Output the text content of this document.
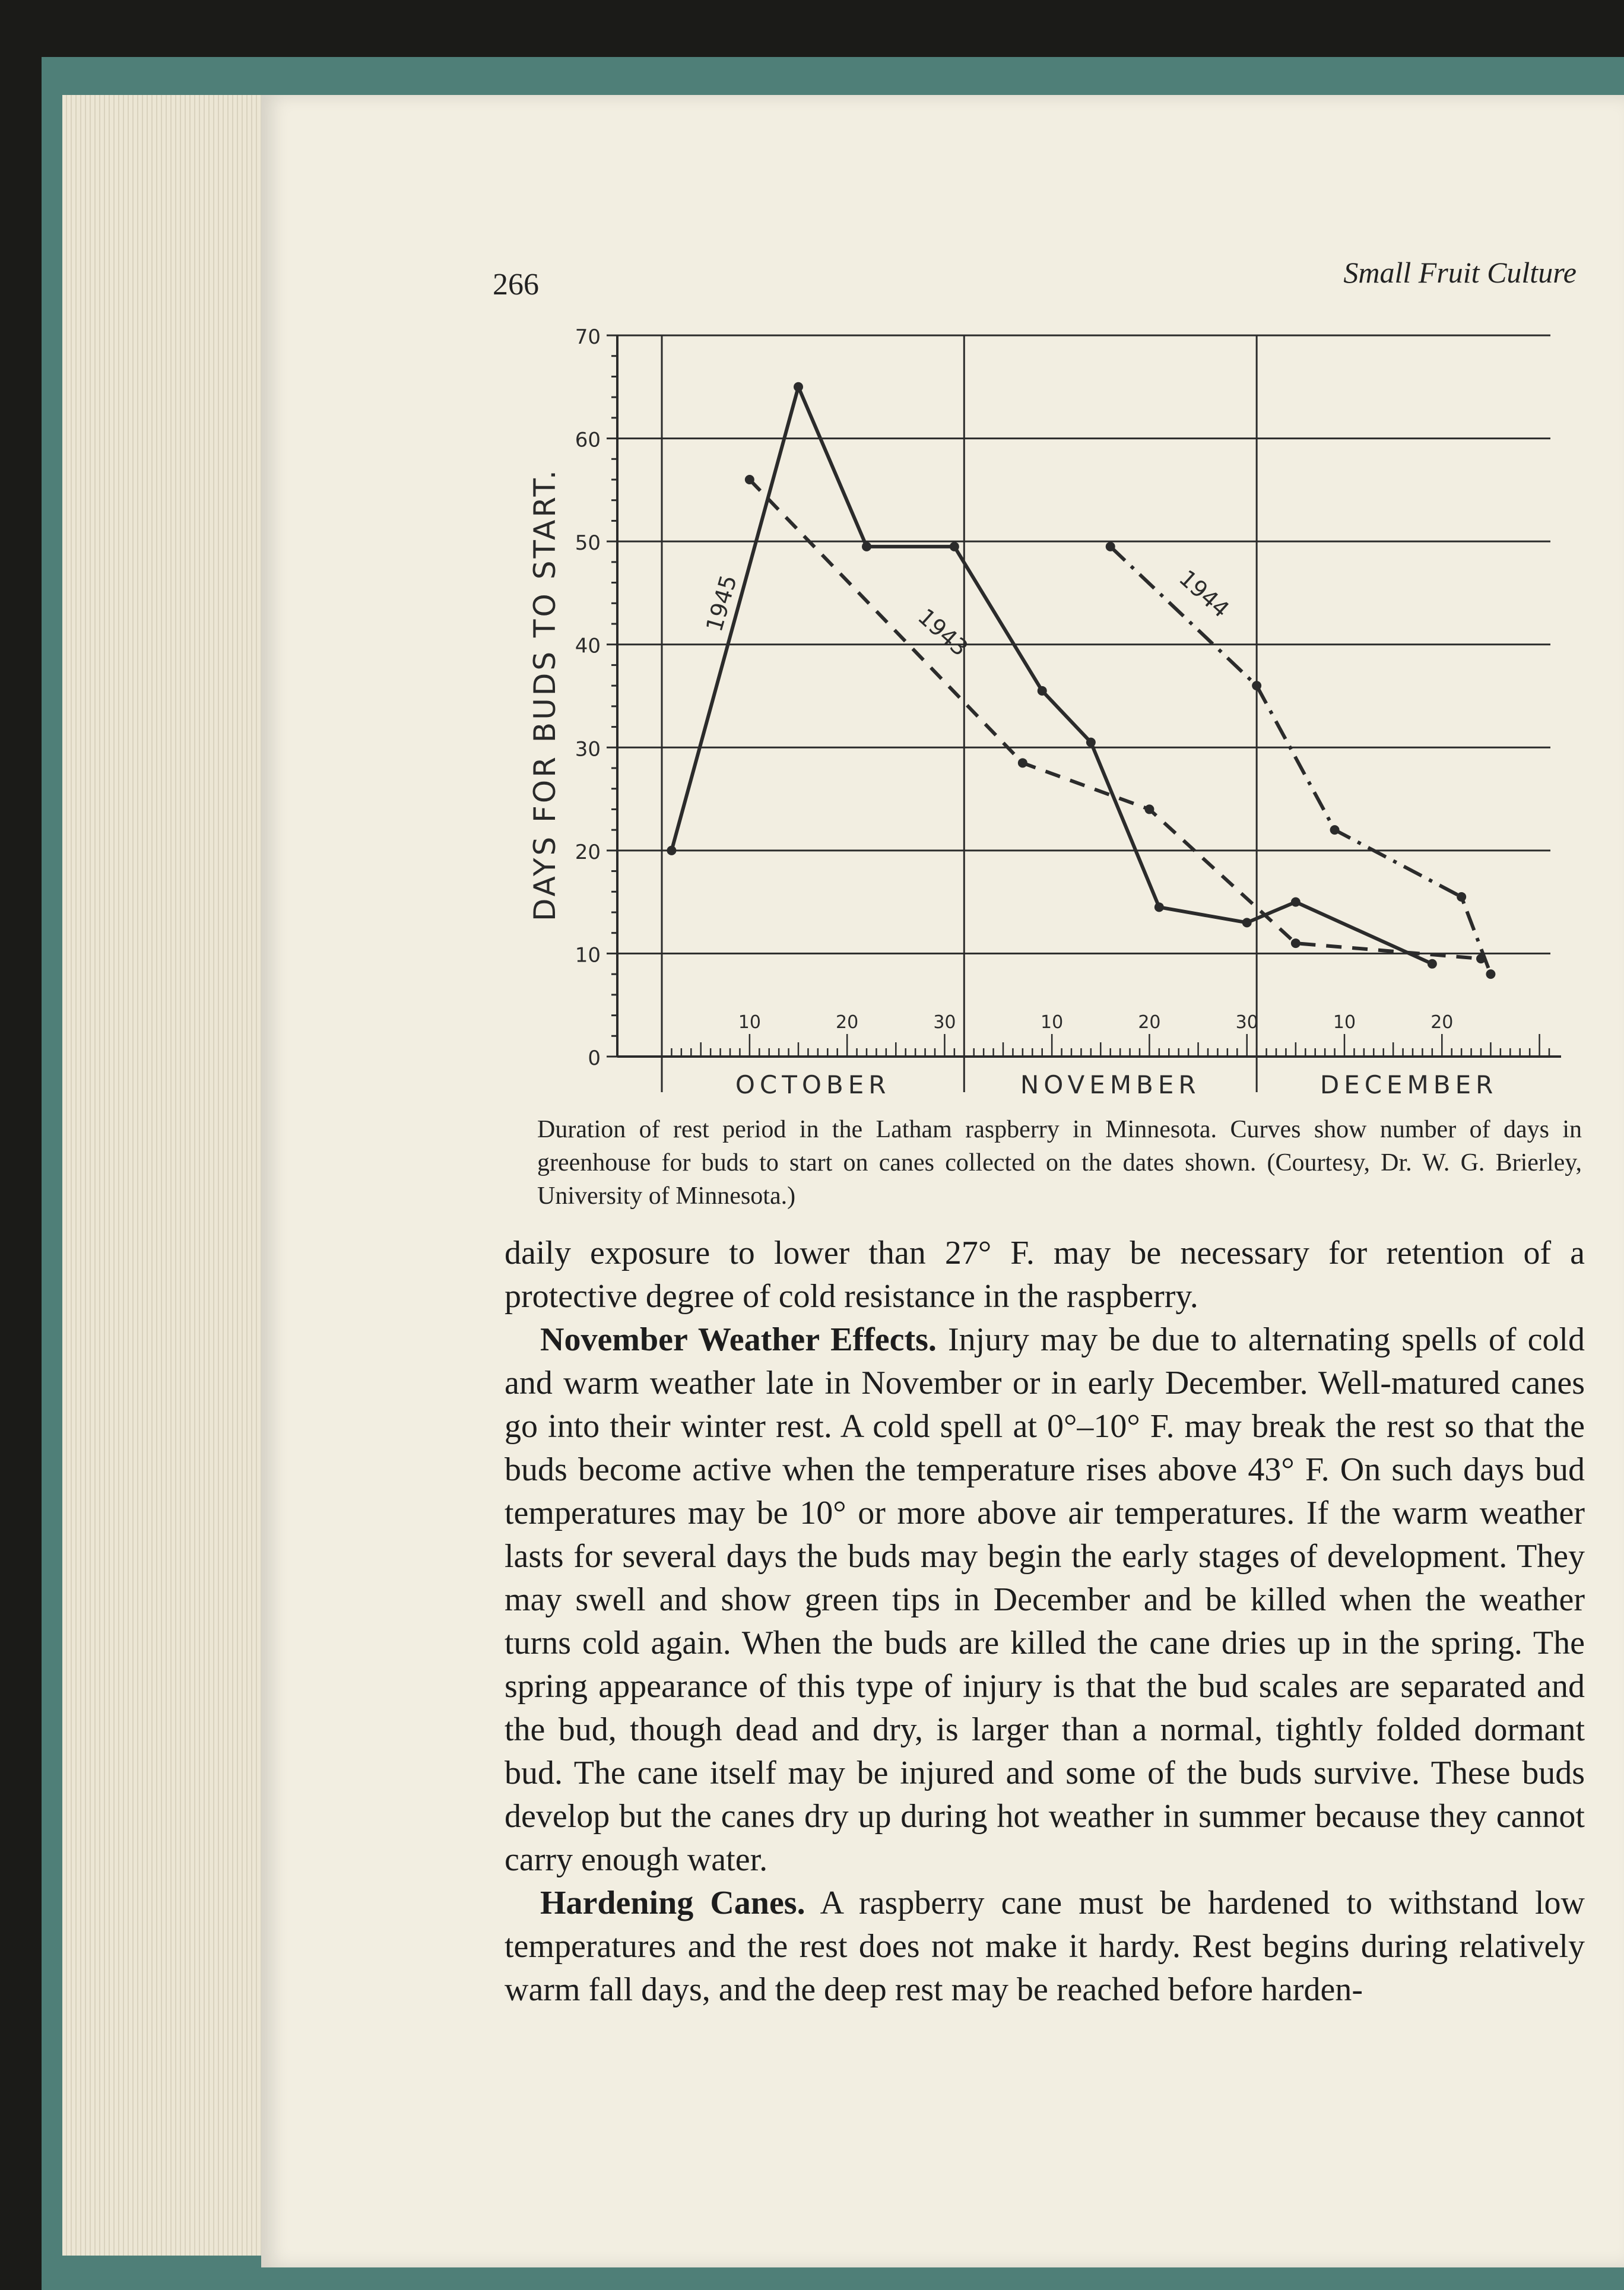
266	Small Fruit Culture
0
10
20
30
40
50
60
70
10	20	30	10	20	30	10	20
OCTOBER	NOVEMBER	DECEMBER
1945	1943
1944
DAYS FOR BUDS TO START.
Duration of rest period in the Latham raspberry in Minnesota. Curves show number of days in greenhouse for buds to start on canes collected on the dates shown. (Courtesy, Dr. W. G. Brierley, University of Minnesota.)

daily exposure to lower than 27° F. may be necessary for retention of a protective degree of cold resistance in the raspberry.

November Weather Effects. Injury may be due to alternating spells of cold and warm weather late in November or in early December. Well-matured canes go into their winter rest. A cold spell at 0°–10° F. may break the rest so that the buds become active when the temperature rises above 43° F. On such days bud temperatures may be 10° or more above air temperatures. If the warm weather lasts for several days the buds may begin the early stages of development. They may swell and show green tips in December and be killed when the weather turns cold again. When the buds are killed the cane dries up in the spring. The spring appearance of this type of injury is that the bud scales are separated and the bud, though dead and dry, is larger than a normal, tightly folded dormant bud. The cane itself may be injured and some of the buds survive. These buds develop but the canes dry up during hot weather in summer because they cannot carry enough water.

Hardening Canes. A raspberry cane must be hardened to withstand low temperatures and the rest does not make it hardy. Rest begins during relatively warm fall days, and the deep rest may be reached before harden-
